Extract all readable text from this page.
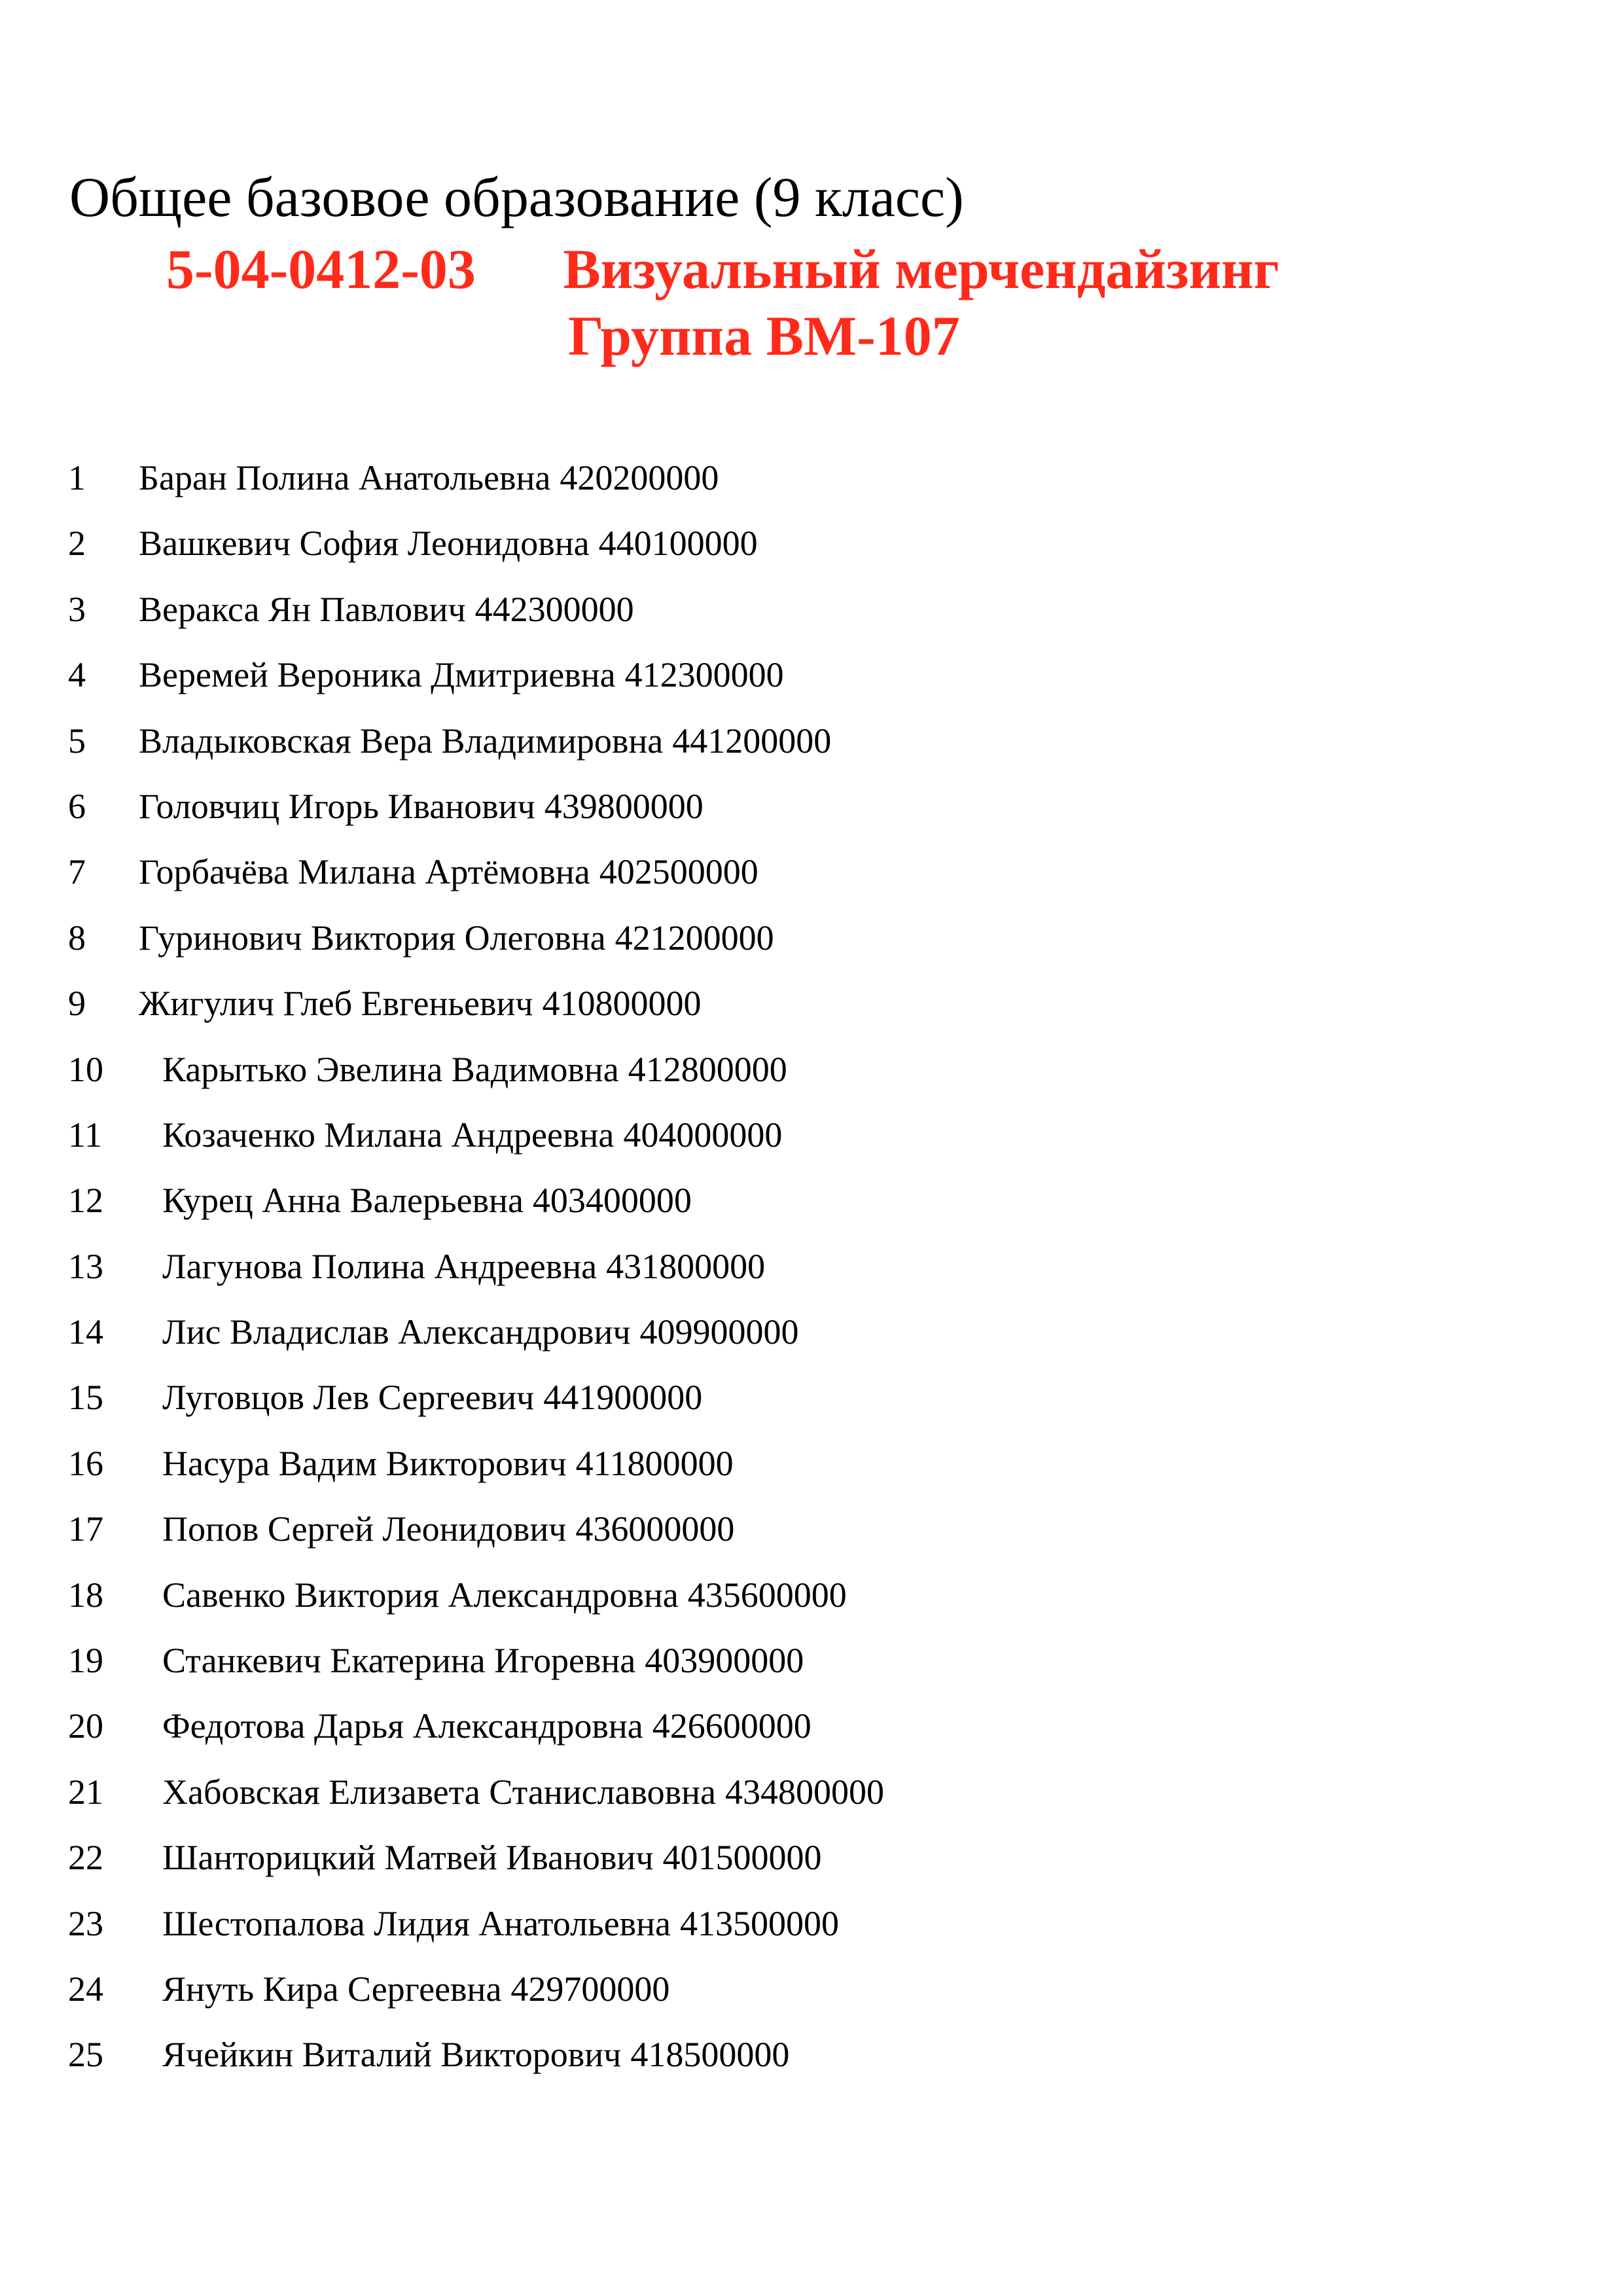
Общее базовое образование (9 класс)
5-04-0412-03 Визуальный мерчендайзинг
Группа ВМ-107
1 Баран Полина Анатольевна 420200000
2 Вашкевич София Леонидовна 440100000
3 Веракса Ян Павлович 442300000
4 Веремей Вероника Дмитриевна 412300000
5 Владыковская Вера Владимировна 441200000
6 Головчиц Игорь Иванович 439800000
7 Горбачёва Милана Артёмовна 402500000
8 Гуринович Виктория Олеговна 421200000
9 Жигулич Глеб Евгеньевич 410800000
10 Карытько Эвелина Вадимовна 412800000
11 Козаченко Милана Андреевна 404000000
12 Курец Анна Валерьевна 403400000
13 Лагунова Полина Андреевна 431800000
14 Лис Владислав Александрович 409900000
15 Луговцов Лев Сергеевич 441900000
16 Насура Вадим Викторович 411800000
17 Попов Сергей Леонидович 436000000
18 Савенко Виктория Александровна 435600000
19 Станкевич Екатерина Игоревна 403900000
20 Федотова Дарья Александровна 426600000
21 Хабовская Елизавета Станиславовна 434800000
22 Шанторицкий Матвей Иванович 401500000
23 Шестопалова Лидия Анатольевна 413500000
24 Януть Кира Сергеевна 429700000
25 Ячейкин Виталий Викторович 418500000
